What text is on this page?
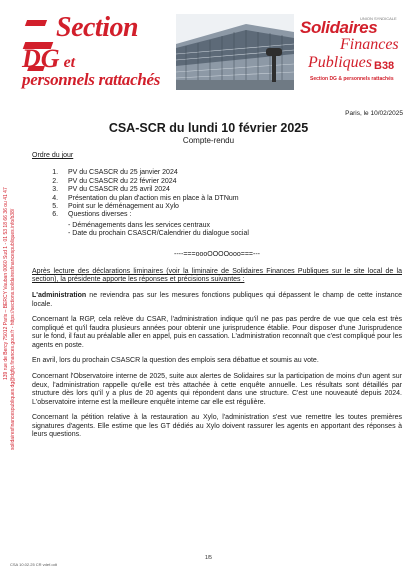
Section
DG et
personnels rattachés
UNION SYNDICALE
Solidaires
Finances
Publiques B38
Section DG & personnels rattachés
139 rue de Bercy 75012 Paris – BERCY Vauban 0060 Sud 1 - 01 53 18 66 36 ou 41 47 solidairesfinancespubliques.dg@dgfip.finances.gouv.fr - https://sections.solidairesfinancespubliques.info/b38/
Paris, le 10/02/2025
CSA-SCR du lundi 10 février 2025
Compte-rendu
Ordre du jour
1. PV du CSASCR du 25 janvier 2024
2. PV du CSASCR du 22 février 2024
3. PV du CSASCR du 25 avril 2024
4. Présentation du plan d'action mis en place à la DTNum
5. Point sur le déménagement au Xylo
6. Questions diverses :
- Déménagements dans les services centraux
- Date du prochain CSASCR/Calendrier du dialogue social
----===oooOOOOooo===---

Après lecture des déclarations liminaires (voir la liminaire de Solidaires Finances Publiques sur le site local de la section), la présidente apporte les réponses et précisions suivantes :

L'administration ne reviendra pas sur les mesures fonctions publiques qui dépassent le champ de cette instance locale.

Concernant la RGP, cela relève du CSAR, l'administration indique qu'il ne pas pas perdre de vue que cela est très compliqué et qu'il faudra plusieurs années pour obtenir une jurisprudence établie. Pour disposer d'une Jurisprudence sur le fond, il faut au préalable aller en appel, puis en cassation. L'administration reconnaît que c'est compliqué pour les agents en poste.

En avril, lors du prochain CSASCR la question des emplois sera débattue et soumis au vote.

Concernant l'Observatoire interne de 2025, suite aux alertes de Solidaires sur la participation de moins d'un agent sur deux, l'administration rappelle qu'elle est très attachée à cette enquête annuelle. Les résultats sont détaillés par structure dès lors qu'il y a plus de 20 agents qui répondent dans une structure. C'est une nouveauté depuis 2024. L'observatoire interne est la meilleure enquête interne car elle est régulière.

Concernant la pétition relative à la restauration au Xylo, l'administration s'est vue remettre les toutes premières signatures d'agents. Elle estime que les GT dédiés au Xylo doivent rassurer les agents en apportant des réponses à leurs questions.

1/5
CSA 10.02.25 CR vdef.odt
